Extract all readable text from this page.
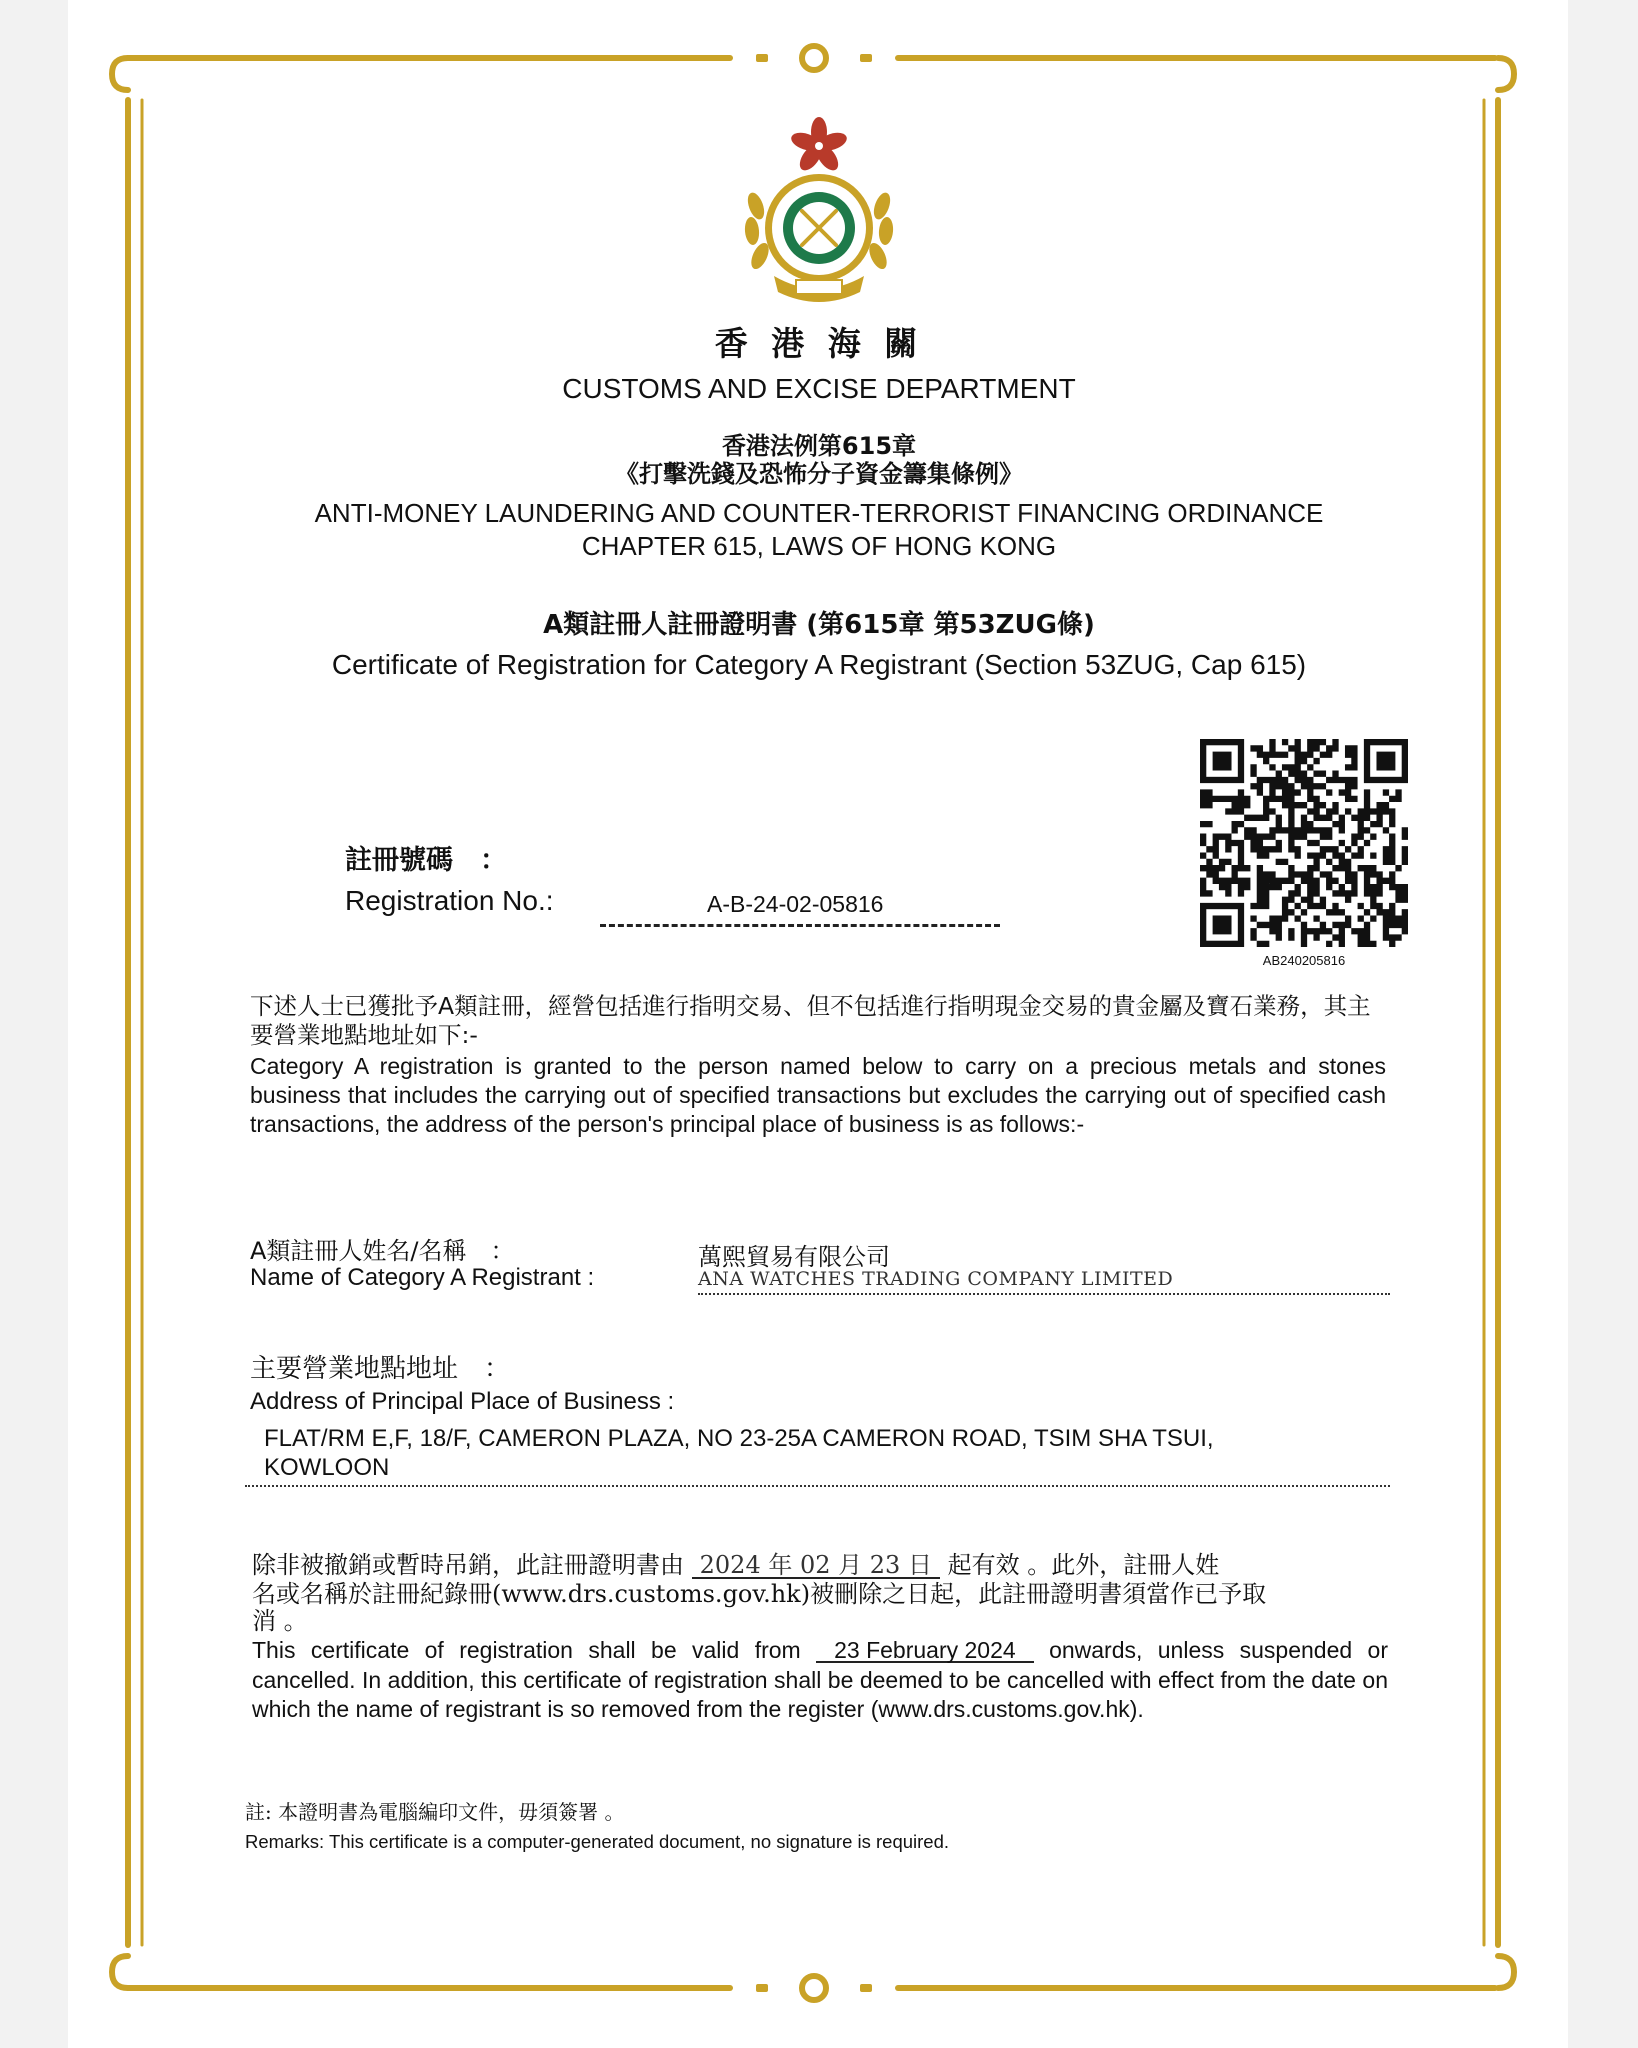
香 港 海 關
CUSTOMS AND EXCISE DEPARTMENT
香港法例第615章
《打擊洗錢及恐怖分子資金籌集條例》
ANTI-MONEY LAUNDERING AND COUNTER-TERRORIST FINANCING ORDINANCE
CHAPTER 615, LAWS OF HONG KONG
A類註冊人註冊證明書 (第615章 第53ZUG條)
Certificate of Registration for Category A Registrant (Section 53ZUG, Cap 615)
註冊號碼　：
Registration No.:	A-B-24-02-05816
AB240205816
下述人士已獲批予A類註冊，經營包括進行指明交易、但不包括進行指明現金交易的貴金屬及寶石業務，其主要營業地點地址如下:-
Category A registration is granted to the person named below to carry on a precious metals and stones business that includes the carrying out of specified transactions but excludes the carrying out of specified cash transactions, the address of the person's principal place of business is as follows:-
A類註冊人姓名/名稱　：
Name of Category A Registrant :
萬熙貿易有限公司
ANA WATCHES TRADING COMPANY LIMITED
主要營業地點地址　：
Address of Principal Place of Business :
FLAT/RM E,F, 18/F, CAMERON PLAZA, NO 23-25A CAMERON ROAD, TSIM SHA TSUI,
KOWLOON
除非被撤銷或暫時吊銷，此註冊證明書由 2024 年 02 月 23 日 起有效 。此外，註冊人姓
名或名稱於註冊紀錄冊(www.drs.customs.gov.hk)被刪除之日起，此註冊證明書須當作已予取
消 。
This certificate of registration shall be valid from 23 February 2024 onwards, unless suspended or cancelled. In addition, this certificate of registration shall be deemed to be cancelled with effect from the date on which the name of registrant is so removed from the register (www.drs.customs.gov.hk).
註: 本證明書為電腦編印文件，毋須簽署 。
Remarks: This certificate is a computer-generated document, no signature is required.
